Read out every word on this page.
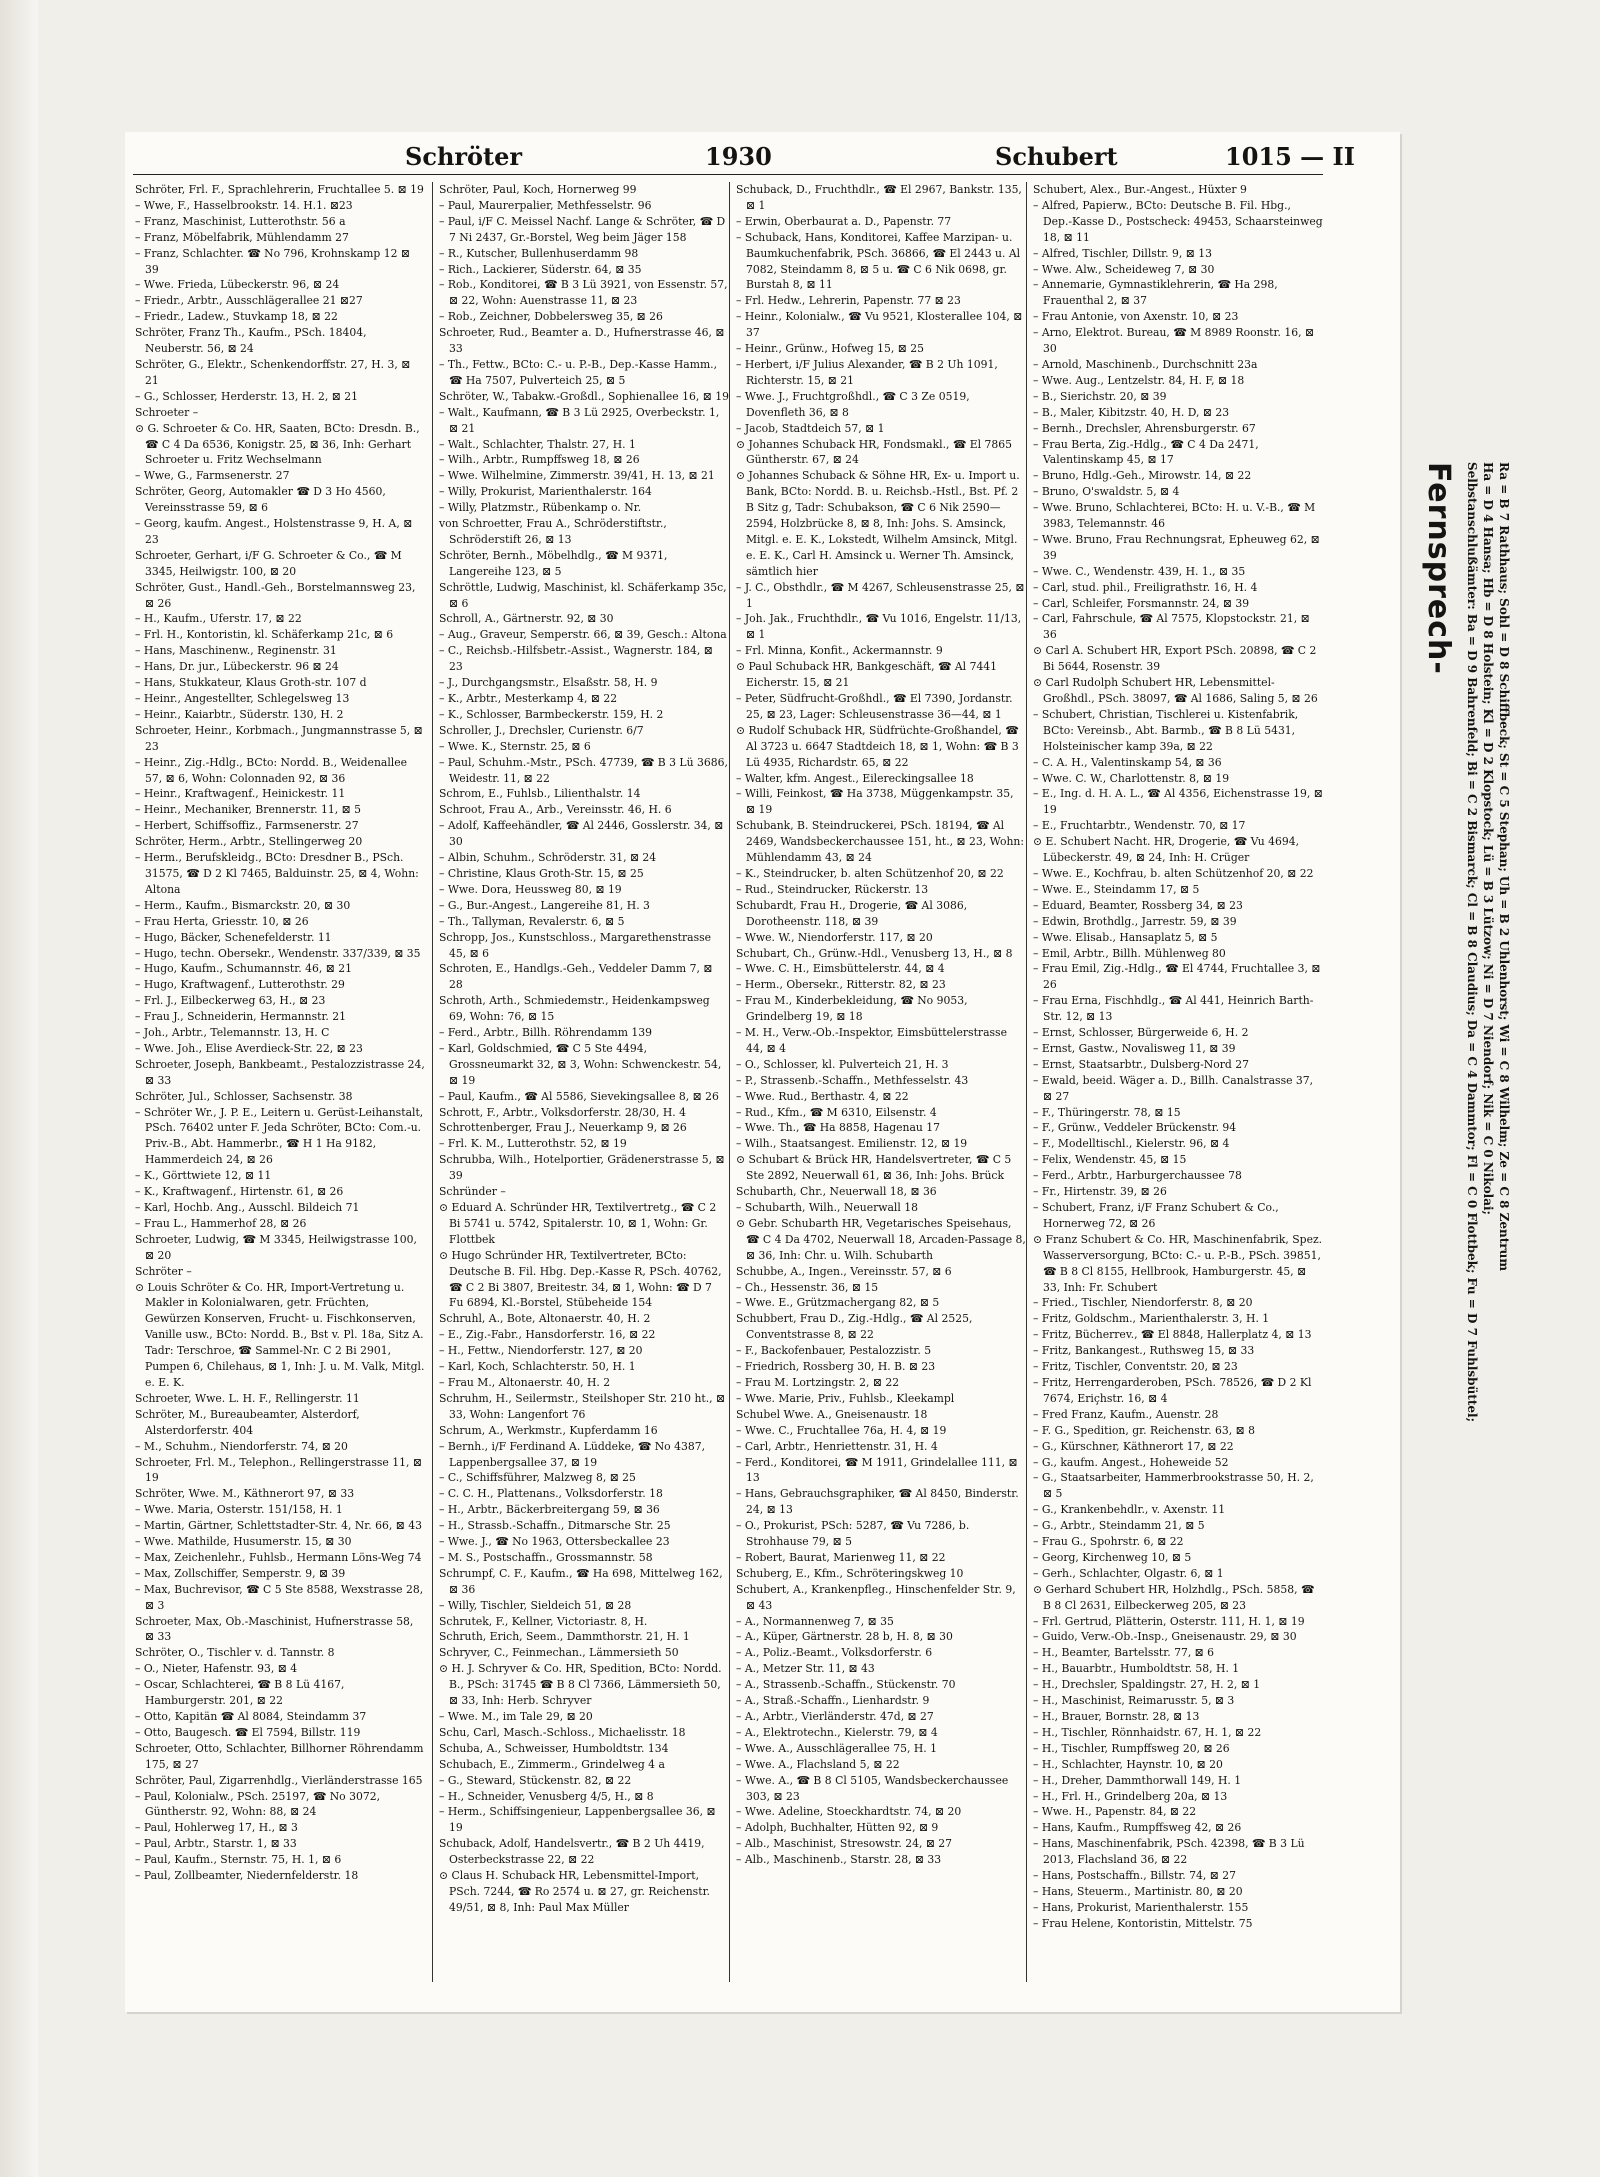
Schröter	1930	Schubert	1015 — II

Schröter, Frl. F., Sprachlehrerin, Fruchtallee 5. ⊠ 19

– Wwe, F., Hasselbrookstr. 14. H.1. ⊠23

– Franz, Maschinist, Lutterothstr. 56 a

– Franz, Möbelfabrik, Mühlendamm 27

– Franz, Schlachter. ☎ No 796, Krohnskamp 12 ⊠ 39

– Wwe. Frieda, Lübeckerstr. 96, ⊠ 24

– Friedr., Arbtr., Ausschlägerallee 21 ⊠27

– Friedr., Ladew., Stuvkamp 18, ⊠ 22

Schröter, Franz Th., Kaufm., PSch. 18404, Neuberstr. 56, ⊠ 24

Schröter, G., Elektr., Schenkendorffstr. 27, H. 3, ⊠ 21

– G., Schlosser, Herderstr. 13, H. 2, ⊠ 21

Schroeter –

⊙ G. Schroeter & Co. HR, Saaten, BCto: Dresdn. B., ☎ C 4 Da 6536, Konigstr. 25, ⊠ 36, Inh: Gerhart Schroeter u. Fritz Wechselmann

– Wwe, G., Farmsenerstr. 27

Schröter, Georg, Automakler ☎ D 3 Ho 4560, Vereinsstrasse 59, ⊠ 6

– Georg, kaufm. Angest., Holstenstrasse 9, H. A, ⊠ 23

Schroeter, Gerhart, i/F G. Schroeter & Co., ☎ M 3345, Heilwigstr. 100, ⊠ 20

Schröter, Gust., Handl.-Geh., Borstelmannsweg 23, ⊠ 26

– H., Kaufm., Uferstr. 17, ⊠ 22

– Frl. H., Kontoristin, kl. Schäferkamp 21c, ⊠ 6

– Hans, Maschinenw., Reginenstr. 31

– Hans, Dr. jur., Lübeckerstr. 96 ⊠ 24

– Hans, Stukkateur, Klaus Groth-str. 107 d

– Heinr., Angestellter, Schlegelsweg 13

– Heinr., Kaiarbtr., Süderstr. 130, H. 2

Schroeter, Heinr., Korbmach., Jungmannstrasse 5, ⊠ 23

– Heinr., Zig.-Hdlg., BCto: Nordd. B., Weidenallee 57, ⊠ 6, Wohn: Colonnaden 92, ⊠ 36

– Heinr., Kraftwagenf., Heinickestr. 11

– Heinr., Mechaniker, Brennerstr. 11, ⊠ 5

– Herbert, Schiffsoffiz., Farmsenerstr. 27

Schröter, Herm., Arbtr., Stellingerweg 20

– Herm., Berufskleidg., BCto: Dresdner B., PSch. 31575, ☎ D 2 Kl 7465, Balduinstr. 25, ⊠ 4, Wohn: Altona

– Herm., Kaufm., Bismarckstr. 20, ⊠ 30

– Frau Herta, Griesstr. 10, ⊠ 26

– Hugo, Bäcker, Schenefelderstr. 11

– Hugo, techn. Obersekr., Wendenstr. 337/339, ⊠ 35

– Hugo, Kaufm., Schumannstr. 46, ⊠ 21

– Hugo, Kraftwagenf., Lutterothstr. 29

– Frl. J., Eilbeckerweg 63, H., ⊠ 23

– Frau J., Schneiderin, Hermannstr. 21

– Joh., Arbtr., Telemannstr. 13, H. C

– Wwe. Joh., Elise Averdieck-Str. 22, ⊠ 23

Schroeter, Joseph, Bankbeamt., Pestalozzistrasse 24, ⊠ 33

Schröter, Jul., Schlosser, Sachsenstr. 38

– Schröter Wr., J. P. E., Leitern u. Gerüst-Leihanstalt, PSch. 76402 unter F. Jeda Schröter, BCto: Com.-u. Priv.-B., Abt. Hammerbr., ☎ H 1 Ha 9182, Hammerdeich 24, ⊠ 26

– K., Görttwiete 12, ⊠ 11

– K., Kraftwagenf., Hirtenstr. 61, ⊠ 26

– Karl, Hochb. Ang., Ausschl. Bildeich 71

– Frau L., Hammerhof 28, ⊠ 26

Schroeter, Ludwig, ☎ M 3345, Heilwigstrasse 100, ⊠ 20

Schröter –

⊙ Louis Schröter & Co. HR, Import-Vertretung u. Makler in Kolonialwaren, getr. Früchten, Gewürzen Konserven, Frucht- u. Fischkonserven, Vanille usw., BCto: Nordd. B., Bst v. Pl. 18a, Sitz A. Tadr: Terschroe, ☎ Sammel-Nr. C 2 Bi 2901, Pumpen 6, Chilehaus, ⊠ 1, Inh: J. u. M. Valk, Mitgl. e. E. K.

Schroeter, Wwe. L. H. F., Rellingerstr. 11

Schröter, M., Bureaubeamter, Alsterdorf, Alsterdorferstr. 404

– M., Schuhm., Niendorferstr. 74, ⊠ 20

Schroeter, Frl. M., Telephon., Rellingerstrasse 11, ⊠ 19

Schröter, Wwe. M., Käthnerort 97, ⊠ 33

– Wwe. Maria, Osterstr. 151/158, H. 1

– Martin, Gärtner, Schlettstadter-Str. 4, Nr. 66, ⊠ 43

– Wwe. Mathilde, Husumerstr. 15, ⊠ 30

– Max, Zeichenlehr., Fuhlsb., Hermann Löns-Weg 74

– Max, Zollschiffer, Semperstr. 9, ⊠ 39

– Max, Buchrevisor, ☎ C 5 Ste 8588, Wexstrasse 28, ⊠ 3

Schroeter, Max, Ob.-Maschinist, Hufnerstrasse 58, ⊠ 33

Schröter, O., Tischler v. d. Tannstr. 8

– O., Nieter, Hafenstr. 93, ⊠ 4

– Oscar, Schlachterei, ☎ B 8 Lü 4167, Hamburgerstr. 201, ⊠ 22

– Otto, Kapitän ☎ Al 8084, Steindamm 37

– Otto, Baugesch. ☎ El 7594, Billstr. 119

Schroeter, Otto, Schlachter, Billhorner Röhrendamm 175, ⊠ 27

Schröter, Paul, Zigarrenhdlg., Vierländerstrasse 165

– Paul, Kolonialw., PSch. 25197, ☎ No 3072, Güntherstr. 92, Wohn: 88, ⊠ 24

– Paul, Hohlerweg 17, H., ⊠ 3

– Paul, Arbtr., Starstr. 1, ⊠ 33

– Paul, Kaufm., Sternstr. 75, H. 1, ⊠ 6

– Paul, Zollbeamter, Niedernfelderstr. 18

Schröter, Paul, Koch, Hornerweg 99

– Paul, Maurerpalier, Methfesselstr. 96

– Paul, i/F C. Meissel Nachf. Lange & Schröter, ☎ D 7 Ni 2437, Gr.-Borstel, Weg beim Jäger 158

– R., Kutscher, Bullenhuserdamm 98

– Rich., Lackierer, Süderstr. 64, ⊠ 35

– Rob., Konditorei, ☎ B 3 Lü 3921, von Essenstr. 57, ⊠ 22, Wohn: Auenstrasse 11, ⊠ 23

– Rob., Zeichner, Dobbelersweg 35, ⊠ 26

Schroeter, Rud., Beamter a. D., Hufnerstrasse 46, ⊠ 33

– Th., Fettw., BCto: C.- u. P.-B., Dep.-Kasse Hamm., ☎ Ha 7507, Pulverteich 25, ⊠ 5

Schröter, W., Tabakw.-Großdl., Sophienallee 16, ⊠ 19

– Walt., Kaufmann, ☎ B 3 Lü 2925, Overbeckstr. 1, ⊠ 21

– Walt., Schlachter, Thalstr. 27, H. 1

– Wilh., Arbtr., Rumpffsweg 18, ⊠ 26

– Wwe. Wilhelmine, Zimmerstr. 39/41, H. 13, ⊠ 21

– Willy, Prokurist, Marienthalerstr. 164

– Willy, Platzmstr., Rübenkamp o. Nr.

von Schroetter, Frau A., Schröderstiftstr., Schröderstift 26, ⊠ 13

Schröter, Bernh., Möbelhdlg., ☎ M 9371, Langereihe 123, ⊠ 5

Schröttle, Ludwig, Maschinist, kl. Schäferkamp 35c, ⊠ 6

Schroll, A., Gärtnerstr. 92, ⊠ 30

– Aug., Graveur, Semperstr. 66, ⊠ 39, Gesch.: Altona

– C., Reichsb.-Hilfsbetr.-Assist., Wagnerstr. 184, ⊠ 23

– J., Durchgangsmstr., Elsaßstr. 58, H. 9

– K., Arbtr., Mesterkamp 4, ⊠ 22

– K., Schlosser, Barmbeckerstr. 159, H. 2

Schroller, J., Drechsler, Curienstr. 6/7

– Wwe. K., Sternstr. 25, ⊠ 6

– Paul, Schuhm.-Mstr., PSch. 47739, ☎ B 3 Lü 3686, Weidestr. 11, ⊠ 22

Schrom, E., Fuhlsb., Lilienthalstr. 14

Schroot, Frau A., Arb., Vereinsstr. 46, H. 6

– Adolf, Kaffeehändler, ☎ Al 2446, Gosslerstr. 34, ⊠ 30

– Albin, Schuhm., Schröderstr. 31, ⊠ 24

– Christine, Klaus Groth-Str. 15, ⊠ 25

– Wwe. Dora, Heussweg 80, ⊠ 19

– G., Bur.-Angest., Langereihe 81, H. 3

– Th., Tallyman, Revalerstr. 6, ⊠ 5

Schropp, Jos., Kunstschloss., Margarethenstrasse 45, ⊠ 6

Schroten, E., Handlgs.-Geh., Veddeler Damm 7, ⊠ 28

Schroth, Arth., Schmiedemstr., Heidenkampsweg 69, Wohn: 76, ⊠ 15

– Ferd., Arbtr., Billh. Röhrendamm 139

– Karl, Goldschmied, ☎ C 5 Ste 4494, Grossneumarkt 32, ⊠ 3, Wohn: Schwenckestr. 54, ⊠ 19

– Paul, Kaufm., ☎ Al 5586, Sievekingsallee 8, ⊠ 26

Schrott, F., Arbtr., Volksdorferstr. 28/30, H. 4

Schrottenberger, Frau J., Neuerkamp 9, ⊠ 26

– Frl. K. M., Lutterothstr. 52, ⊠ 19

Schrubba, Wilh., Hotelportier, Grädenerstrasse 5, ⊠ 39

Schründer –

⊙ Eduard A. Schründer HR, Textilvertretg., ☎ C 2 Bi 5741 u. 5742, Spitalerstr. 10, ⊠ 1, Wohn: Gr. Flottbek

⊙ Hugo Schründer HR, Textilvertreter, BCto: Deutsche B. Fil. Hbg. Dep.-Kasse R, PSch. 40762, ☎ C 2 Bi 3807, Breitestr. 34, ⊠ 1, Wohn: ☎ D 7 Fu 6894, Kl.-Borstel, Stübeheide 154

Schruhl, A., Bote, Altonaerstr. 40, H. 2

– E., Zig.-Fabr., Hansdorferstr. 16, ⊠ 22

– H., Fettw., Niendorferstr. 127, ⊠ 20

– Karl, Koch, Schlachterstr. 50, H. 1

– Frau M., Altonaerstr. 40, H. 2

Schruhm, H., Seilermstr., Steilshoper Str. 210 ht., ⊠ 33, Wohn: Langenfort 76

Schrum, A., Werkmstr., Kupferdamm 16

– Bernh., i/F Ferdinand A. Lüddeke, ☎ No 4387, Lappenbergsallee 37, ⊠ 19

– C., Schiffsführer, Malzweg 8, ⊠ 25

– C. C. H., Plattenans., Volksdorferstr. 18

– H., Arbtr., Bäckerbreitergang 59, ⊠ 36

– H., Strassb.-Schaffn., Ditmarsche Str. 25

– Wwe. J., ☎ No 1963, Ottersbeckallee 23

– M. S., Postschaffn., Grossmannstr. 58

Schrumpf, C. F., Kaufm., ☎ Ha 698, Mittelweg 162, ⊠ 36

– Willy, Tischler, Sieldeich 51, ⊠ 28

Schrutek, F., Kellner, Victoriastr. 8, H.

Schruth, Erich, Seem., Dammthorstr. 21, H. 1

Schryver, C., Feinmechan., Lämmersieth 50

⊙ H. J. Schryver & Co. HR, Spedition, BCto: Nordd. B., PSch: 31745 ☎ B 8 Cl 7366, Lämmersieth 50, ⊠ 33, Inh: Herb. Schryver

– Wwe. M., im Tale 29, ⊠ 20

Schu, Carl, Masch.-Schloss., Michaelisstr. 18

Schuba, A., Schweisser, Humboldtstr. 134

Schubach, E., Zimmerm., Grindelweg 4 a

– G., Steward, Stückenstr. 82, ⊠ 22

– H., Schneider, Venusberg 4/5, H., ⊠ 8

– Herm., Schiffsingenieur, Lappenbergsallee 36, ⊠ 19

Schuback, Adolf, Handelsvertr., ☎ B 2 Uh 4419, Osterbeckstrasse 22, ⊠ 22

⊙ Claus H. Schuback HR, Lebensmittel-Import, PSch. 7244, ☎ Ro 2574 u. ⊠ 27, gr. Reichenstr. 49/51, ⊠ 8, Inh: Paul Max Müller

Schuback, D., Fruchthdlr., ☎ El 2967, Bankstr. 135, ⊠ 1

– Erwin, Oberbaurat a. D., Papenstr. 77

– Schuback, Hans, Konditorei, Kaffee Marzipan- u. Baumkuchenfabrik, PSch. 36866, ☎ El 2443 u. Al 7082, Steindamm 8, ⊠ 5 u. ☎ C 6 Nik 0698, gr. Burstah 8, ⊠ 11

– Frl. Hedw., Lehrerin, Papenstr. 77 ⊠ 23

– Heinr., Kolonialw., ☎ Vu 9521, Klosterallee 104, ⊠ 37

– Heinr., Grünw., Hofweg 15, ⊠ 25

– Herbert, i/F Julius Alexander, ☎ B 2 Uh 1091, Richterstr. 15, ⊠ 21

– Wwe. J., Fruchtgroßhdl., ☎ C 3 Ze 0519, Dovenfleth 36, ⊠ 8

– Jacob, Stadtdeich 57, ⊠ 1

⊙ Johannes Schuback HR, Fondsmakl., ☎ El 7865 Güntherstr. 67, ⊠ 24

⊙ Johannes Schuback & Söhne HR, Ex- u. Import u. Bank, BCto: Nordd. B. u. Reichsb.-Hstl., Bst. Pf. 2 B Sitz g, Tadr: Schubakson, ☎ C 6 Nik 2590—2594, Holzbrücke 8, ⊠ 8, Inh: Johs. S. Amsinck, Mitgl. e. E. K., Lokstedt, Wilhelm Amsinck, Mitgl. e. E. K., Carl H. Amsinck u. Werner Th. Amsinck, sämtlich hier

– J. C., Obsthdlr., ☎ M 4267, Schleusenstrasse 25, ⊠ 1

– Joh. Jak., Fruchthdlr., ☎ Vu 1016, Engelstr. 11/13, ⊠ 1

– Frl. Minna, Konfit., Ackermannstr. 9

⊙ Paul Schuback HR, Bankgeschäft, ☎ Al 7441 Eicherstr. 15, ⊠ 21

– Peter, Südfrucht-Großhdl., ☎ El 7390, Jordanstr. 25, ⊠ 23, Lager: Schleusenstrasse 36—44, ⊠ 1

⊙ Rudolf Schuback HR, Südfrüchte-Großhandel, ☎ Al 3723 u. 6647 Stadtdeich 18, ⊠ 1, Wohn: ☎ B 3 Lü 4935, Richardstr. 65, ⊠ 22

– Walter, kfm. Angest., Eilereckingsallee 18

– Willi, Feinkost, ☎ Ha 3738, Müggenkampstr. 35, ⊠ 19

Schubank, B. Steindruckerei, PSch. 18194, ☎ Al 2469, Wandsbeckerchaussee 151, ht., ⊠ 23, Wohn: Mühlendamm 43, ⊠ 24

– K., Steindrucker, b. alten Schützenhof 20, ⊠ 22

– Rud., Steindrucker, Rückerstr. 13

Schubardt, Frau H., Drogerie, ☎ Al 3086, Dorotheenstr. 118, ⊠ 39

– Wwe. W., Niendorferstr. 117, ⊠ 20

Schubart, Ch., Grünw.-Hdl., Venusberg 13, H., ⊠ 8

– Wwe. C. H., Eimsbüttelerstr. 44, ⊠ 4

– Herm., Obersekr., Ritterstr. 82, ⊠ 23

– Frau M., Kinderbekleidung, ☎ No 9053, Grindelberg 19, ⊠ 18

– M. H., Verw.-Ob.-Inspektor, Eimsbüttelerstrasse 44, ⊠ 4

– O., Schlosser, kl. Pulverteich 21, H. 3

– P., Strassenb.-Schaffn., Methfesselstr. 43

– Wwe. Rud., Berthastr. 4, ⊠ 22

– Rud., Kfm., ☎ M 6310, Eilsenstr. 4

– Wwe. Th., ☎ Ha 8858, Hagenau 17

– Wilh., Staatsangest. Emilienstr. 12, ⊠ 19

⊙ Schubart & Brück HR, Handelsvertreter, ☎ C 5 Ste 2892, Neuerwall 61, ⊠ 36, Inh: Johs. Brück

Schubarth, Chr., Neuerwall 18, ⊠ 36

– Schubarth, Wilh., Neuerwall 18

⊙ Gebr. Schubarth HR, Vegetarisches Speisehaus, ☎ C 4 Da 4702, Neuerwall 18, Arcaden-Passage 8, ⊠ 36, Inh: Chr. u. Wilh. Schubarth

Schubbe, A., Ingen., Vereinsstr. 57, ⊠ 6

– Ch., Hessenstr. 36, ⊠ 15

– Wwe. E., Grützmachergang 82, ⊠ 5

Schubbert, Frau D., Zig.-Hdlg., ☎ Al 2525, Conventstrasse 8, ⊠ 22

– F., Backofenbauer, Pestalozzistr. 5

– Friedrich, Rossberg 30, H. B. ⊠ 23

– Frau M. Lortzingstr. 2, ⊠ 22

– Wwe. Marie, Priv., Fuhlsb., Kleekampl

Schubel Wwe. A., Gneisenaustr. 18

– Wwe. C., Fruchtallee 76a, H. 4, ⊠ 19

– Carl, Arbtr., Henriettenstr. 31, H. 4

– Ferd., Konditorei, ☎ M 1911, Grindelallee 111, ⊠ 13

– Hans, Gebrauchsgraphiker, ☎ Al 8450, Binderstr. 24, ⊠ 13

– O., Prokurist, PSch: 5287, ☎ Vu 7286, b. Strohhause 79, ⊠ 5

– Robert, Baurat, Marienweg 11, ⊠ 22

Schuberg, E., Kfm., Schröteringskweg 10

Schubert, A., Krankenpfleg., Hinschenfelder Str. 9, ⊠ 43

– A., Normannenweg 7, ⊠ 35

– A., Küper, Gärtnerstr. 28 b, H. 8, ⊠ 30

– A., Poliz.-Beamt., Volksdorferstr. 6

– A., Metzer Str. 11, ⊠ 43

– A., Strassenb.-Schaffn., Stückenstr. 70

– A., Straß.-Schaffn., Lienhardstr. 9

– A., Arbtr., Vierländerstr. 47d, ⊠ 27

– A., Elektrotechn., Kielerstr. 79, ⊠ 4

– Wwe. A., Ausschlägerallee 75, H. 1

– Wwe. A., Flachsland 5, ⊠ 22

– Wwe. A., ☎ B 8 Cl 5105, Wandsbeckerchaussee 303, ⊠ 23

– Wwe. Adeline, Stoeckhardtstr. 74, ⊠ 20

– Adolph, Buchhalter, Hütten 92, ⊠ 9

– Alb., Maschinist, Stresowstr. 24, ⊠ 27

– Alb., Maschinenb., Starstr. 28, ⊠ 33

Schubert, Alex., Bur.-Angest., Hüxter 9

– Alfred, Papierw., BCto: Deutsche B. Fil. Hbg., Dep.-Kasse D., Postscheck: 49453, Schaarsteinweg 18, ⊠ 11

– Alfred, Tischler, Dillstr. 9, ⊠ 13

– Wwe. Alw., Scheideweg 7, ⊠ 30

– Annemarie, Gymnastiklehrerin, ☎ Ha 298, Frauenthal 2, ⊠ 37

– Frau Antonie, von Axenstr. 10, ⊠ 23

– Arno, Elektrot. Bureau, ☎ M 8989 Roonstr. 16, ⊠ 30

– Arnold, Maschinenb., Durchschnitt 23a

– Wwe. Aug., Lentzelstr. 84, H. F, ⊠ 18

– B., Sierichstr. 20, ⊠ 39

– B., Maler, Kibitzstr. 40, H. D, ⊠ 23

– Bernh., Drechsler, Ahrensburgerstr. 67

– Frau Berta, Zig.-Hdlg., ☎ C 4 Da 2471, Valentinskamp 45, ⊠ 17

– Bruno, Hdlg.-Geh., Mirowstr. 14, ⊠ 22

– Bruno, O'swaldstr. 5, ⊠ 4

– Wwe. Bruno, Schlachterei, BCto: H. u. V.-B., ☎ M 3983, Telemannstr. 46

– Wwe. Bruno, Frau Rechnungsrat, Epheuweg 62, ⊠ 39

– Wwe. C., Wendenstr. 439, H. 1., ⊠ 35

– Carl, stud. phil., Freiligrathstr. 16, H. 4

– Carl, Schleifer, Forsmannstr. 24, ⊠ 39

– Carl, Fahrschule, ☎ Al 7575, Klopstockstr. 21, ⊠ 36

⊙ Carl A. Schubert HR, Export PSch. 20898, ☎ C 2 Bi 5644, Rosenstr. 39

⊙ Carl Rudolph Schubert HR, Lebensmittel-Großhdl., PSch. 38097, ☎ Al 1686, Saling 5, ⊠ 26

– Schubert, Christian, Tischlerei u. Kistenfabrik, BCto: Vereinsb., Abt. Barmb., ☎ B 8 Lü 5431, Holsteinischer kamp 39a, ⊠ 22

– C. A. H., Valentinskamp 54, ⊠ 36

– Wwe. C. W., Charlottenstr. 8, ⊠ 19

– E., Ing. d. H. A. L., ☎ Al 4356, Eichenstrasse 19, ⊠ 19

– E., Fruchtarbtr., Wendenstr. 70, ⊠ 17

⊙ E. Schubert Nacht. HR, Drogerie, ☎ Vu 4694, Lübeckerstr. 49, ⊠ 24, Inh: H. Crüger

– Wwe. E., Kochfrau, b. alten Schützenhof 20, ⊠ 22

– Wwe. E., Steindamm 17, ⊠ 5

– Eduard, Beamter, Rossberg 34, ⊠ 23

– Edwin, Brothdlg., Jarrestr. 59, ⊠ 39

– Wwe. Elisab., Hansaplatz 5, ⊠ 5

– Emil, Arbtr., Billh. Mühlenweg 80

– Frau Emil, Zig.-Hdlg., ☎ El 4744, Fruchtallee 3, ⊠ 26

– Frau Erna, Fischhdlg., ☎ Al 441, Heinrich Barth-Str. 12, ⊠ 13

– Ernst, Schlosser, Bürgerweide 6, H. 2

– Ernst, Gastw., Novalisweg 11, ⊠ 39

– Ernst, Staatsarbtr., Dulsberg-Nord 27

– Ewald, beeid. Wäger a. D., Billh. Canalstrasse 37, ⊠ 27

– F., Thüringerstr. 78, ⊠ 15

– F., Grünw., Veddeler Brückenstr. 94

– F., Modelltischl., Kielerstr. 96, ⊠ 4

– Felix, Wendenstr. 45, ⊠ 15

– Ferd., Arbtr., Harburgerchaussee 78

– Fr., Hirtenstr. 39, ⊠ 26

– Schubert, Franz, i/F Franz Schubert & Co., Hornerweg 72, ⊠ 26

⊙ Franz Schubert & Co. HR, Maschinenfabrik, Spez. Wasserversorgung, BCto: C.- u. P.-B., PSch. 39851, ☎ B 8 Cl 8155, Hellbrook, Hamburgerstr. 45, ⊠ 33, Inh: Fr. Schubert

– Fried., Tischler, Niendorferstr. 8, ⊠ 20

– Fritz, Goldschm., Marienthalerstr. 3, H. 1

– Fritz, Bücherrev., ☎ El 8848, Hallerplatz 4, ⊠ 13

– Fritz, Bankangest., Ruthsweg 15, ⊠ 33

– Fritz, Tischler, Conventstr. 20, ⊠ 23

– Fritz, Herrengarderoben, PSch. 78526, ☎ D 2 Kl 7674, Eriçhstr. 16, ⊠ 4

– Fred Franz, Kaufm., Auenstr. 28

– F. G., Spedition, gr. Reichenstr. 63, ⊠ 8

– G., Kürschner, Käthnerort 17, ⊠ 22

– G., kaufm. Angest., Hoheweide 52

– G., Staatsarbeiter, Hammerbrookstrasse 50, H. 2, ⊠ 5

– G., Krankenbehdlr., v. Axenstr. 11

– G., Arbtr., Steindamm 21, ⊠ 5

– Frau G., Spohrstr. 6, ⊠ 22

– Georg, Kirchenweg 10, ⊠ 5

– Gerh., Schlachter, Olgastr. 6, ⊠ 1

⊙ Gerhard Schubert HR, Holzhdlg., PSch. 5858, ☎ B 8 Cl 2631, Eilbeckerweg 205, ⊠ 23

– Frl. Gertrud, Plätterin, Osterstr. 111, H. 1, ⊠ 19

– Guido, Verw.-Ob.-Insp., Gneisenaustr. 29, ⊠ 30

– H., Beamter, Bartelsstr. 77, ⊠ 6

– H., Bauarbtr., Humboldtstr. 58, H. 1

– H., Drechsler, Spaldingstr. 27, H. 2, ⊠ 1

– H., Maschinist, Reimarusstr. 5, ⊠ 3

– H., Brauer, Bornstr. 28, ⊠ 13

– H., Tischler, Rönnhaidstr. 67, H. 1, ⊠ 22

– H., Tischler, Rumpffsweg 20, ⊠ 26

– H., Schlachter, Haynstr. 10, ⊠ 20

– H., Dreher, Dammthorwall 149, H. 1

– H., Frl. H., Grindelberg 20a, ⊠ 13

– Wwe. H., Papenstr. 84, ⊠ 22

– Hans, Kaufm., Rumpffsweg 42, ⊠ 26

– Hans, Maschinenfabrik, PSch. 42398, ☎ B 3 Lü 2013, Flachsland 36, ⊠ 22

– Hans, Postschaffn., Billstr. 74, ⊠ 27

– Hans, Steuerm., Martinistr. 80, ⊠ 20

– Hans, Prokurist, Marienthalerstr. 155

– Frau Helene, Kontoristin, Mittelstr. 75

Fernsprech- Selbstanschlußämter: Ba = D 9 Bahrenfeld; Bi = C 2 Bismarck; Cl = B 8 Claudius; Da = C 4 Dammtor; Fl = C 0 Flottbek; Fu = D 7 Fuhlsbüttel; Ha = D 4 Hansa; Hb = D 8 Holstein; Kl = D 2 Klopstock; Lü = B 3 Lützow; Ni = D 7 Niendorf; Nik = C 0 Nikolai; Ra = B 7 Rathhaus; Sohl = D 8 Schiffbeck; St = C 5 Stephan; Uh = B 2 Uhlenhorst; Wi = C 8 Wilhelm; Ze = C 8 Zentrum
